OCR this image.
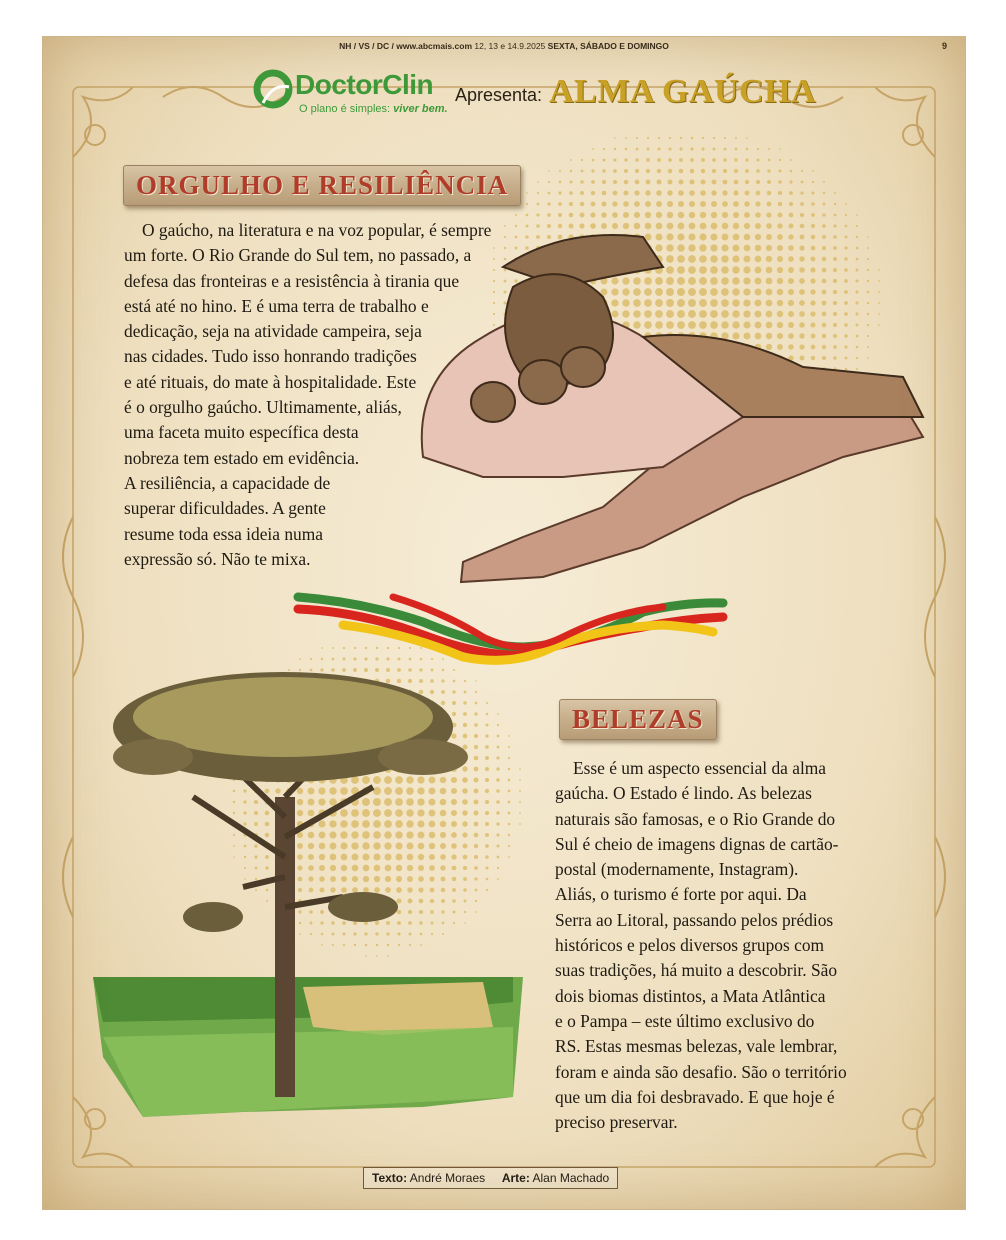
NH / VS / DC / www.abcmais.com 12, 13 e 14.9.2025 SEXTA, SÁBADO E DOMINGO	9
DoctorClin
O plano é simples: viver bem.
Apresenta: ALMA GAÚCHA
ORGULHO E RESILIÊNCIA

O gaúcho, na literatura e na voz popular, é sempre

um forte. O Rio Grande do Sul tem, no passado, a

defesa das fronteiras e a resistência à tirania que

está até no hino. E é uma terra de trabalho e

dedicação, seja na atividade campeira, seja

nas cidades. Tudo isso honrando tradições

e até rituais, do mate à hospitalidade. Este

é o orgulho gaúcho. Ultimamente, aliás,

uma faceta muito específica desta

nobreza tem estado em evidência.

A resiliência, a capacidade de

superar dificuldades. A gente

resume toda essa ideia numa

expressão só. Não te mixa.

BELEZAS

Esse é um aspecto essencial da alma

gaúcha. O Estado é lindo. As belezas

naturais são famosas, e o Rio Grande do

Sul é cheio de imagens dignas de cartão-

postal (modernamente, Instagram).

Aliás, o turismo é forte por aqui. Da

Serra ao Litoral, passando pelos prédios

históricos e pelos diversos grupos com

suas tradições, há muito a descobrir. São

dois biomas distintos, a Mata Atlântica

e o Pampa – este último exclusivo do

RS. Estas mesmas belezas, vale lembrar,

foram e ainda são desafio. São o território

que um dia foi desbravado. E que hoje é

preciso preservar.

Texto: André Moraes Arte: Alan Machado
